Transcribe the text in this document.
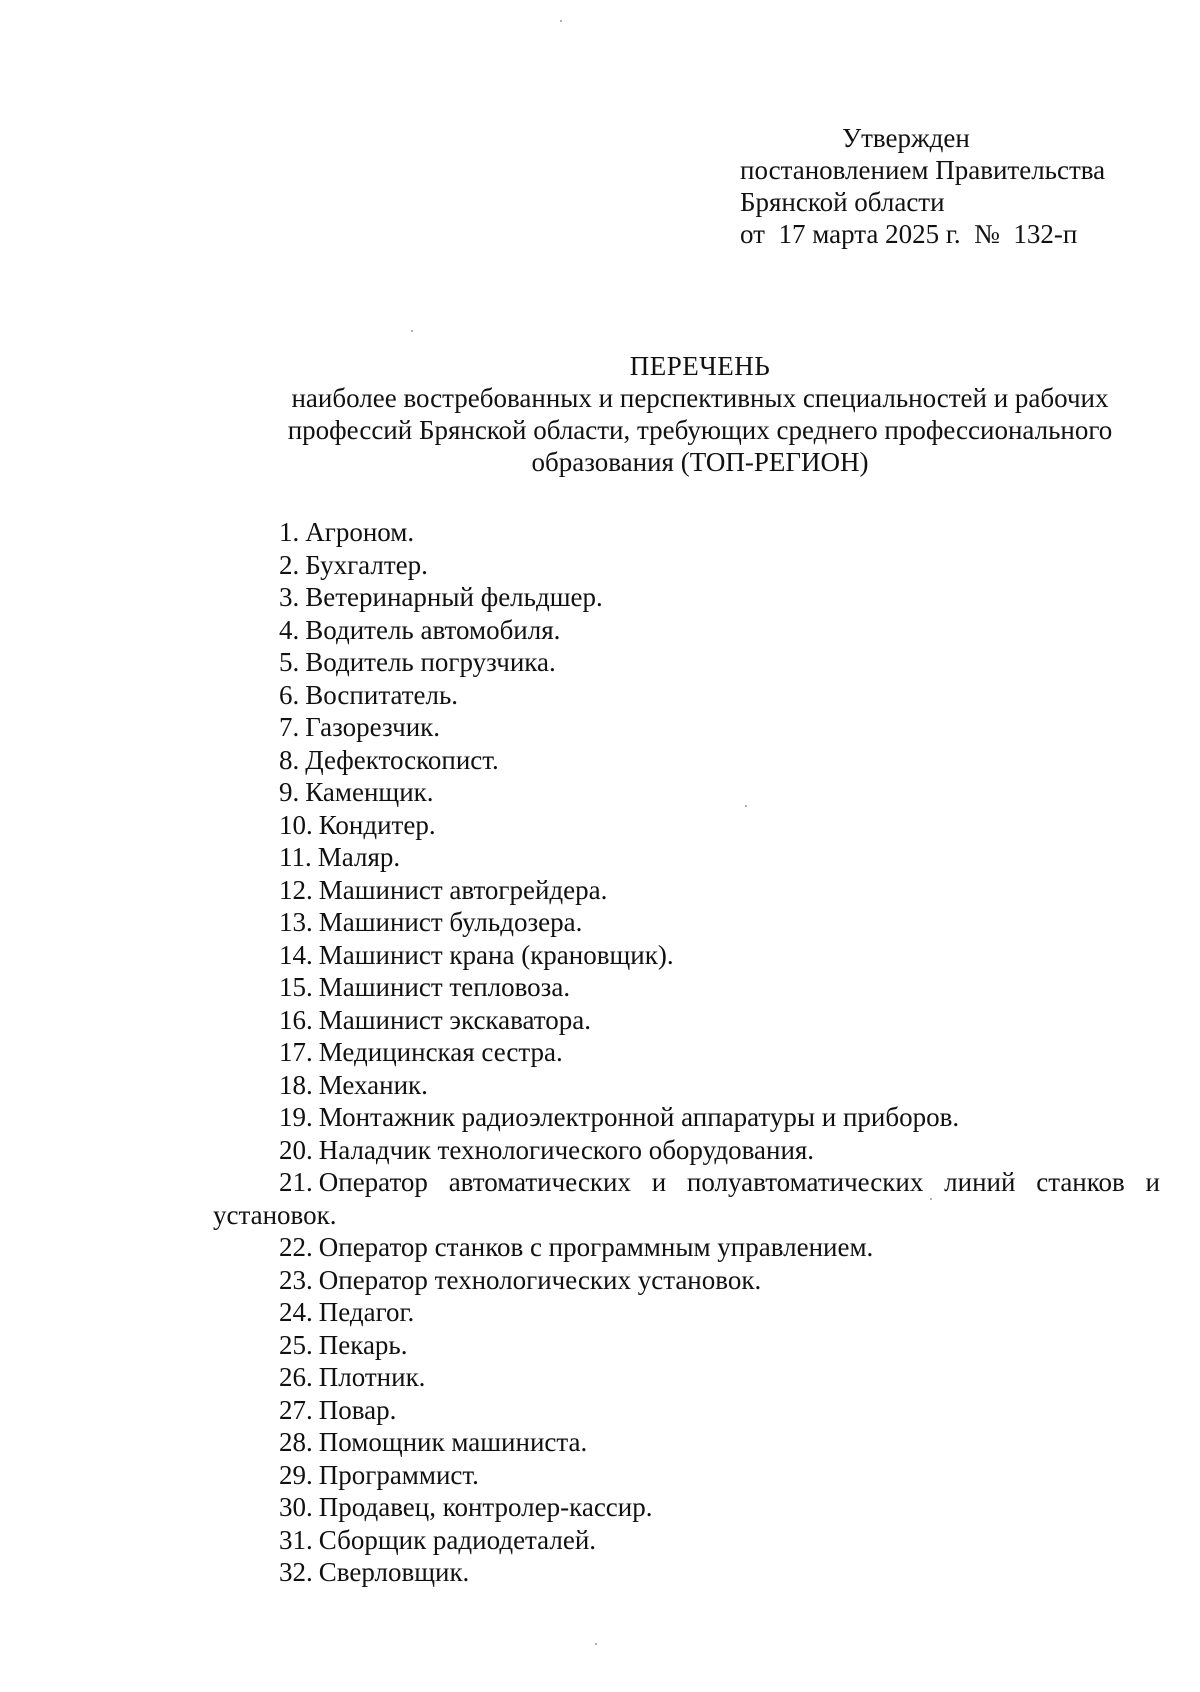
Утвержден
постановлением Правительства
Брянской области
от  17 марта 2025 г.  №  132-п
ПЕРЕЧЕНЬ
наиболее востребованных и перспективных специальностей и рабочих
профессий Брянской области, требующих среднего профессионального
образования (ТОП-РЕГИОН)
1. Агроном.
2. Бухгалтер.
3. Ветеринарный фельдшер.
4. Водитель автомобиля.
5. Водитель погрузчика.
6. Воспитатель.
7. Газорезчик.
8. Дефектоскопист.
9. Каменщик.
10. Кондитер.
11. Маляр.
12. Машинист автогрейдера.
13. Машинист бульдозера.
14. Машинист крана (крановщик).
15. Машинист тепловоза.
16. Машинист экскаватора.
17. Медицинская сестра.
18. Механик.
19. Монтажник радиоэлектронной аппаратуры и приборов.
20. Наладчик технологического оборудования.
21. Оператор автоматических и полуавтоматических линий станков и установок.
22. Оператор станков с программным управлением.
23. Оператор технологических установок.
24. Педагог.
25. Пекарь.
26. Плотник.
27. Повар.
28. Помощник машиниста.
29. Программист.
30. Продавец, контролер-кассир.
31. Сборщик радиодеталей.
32. Сверловщик.
